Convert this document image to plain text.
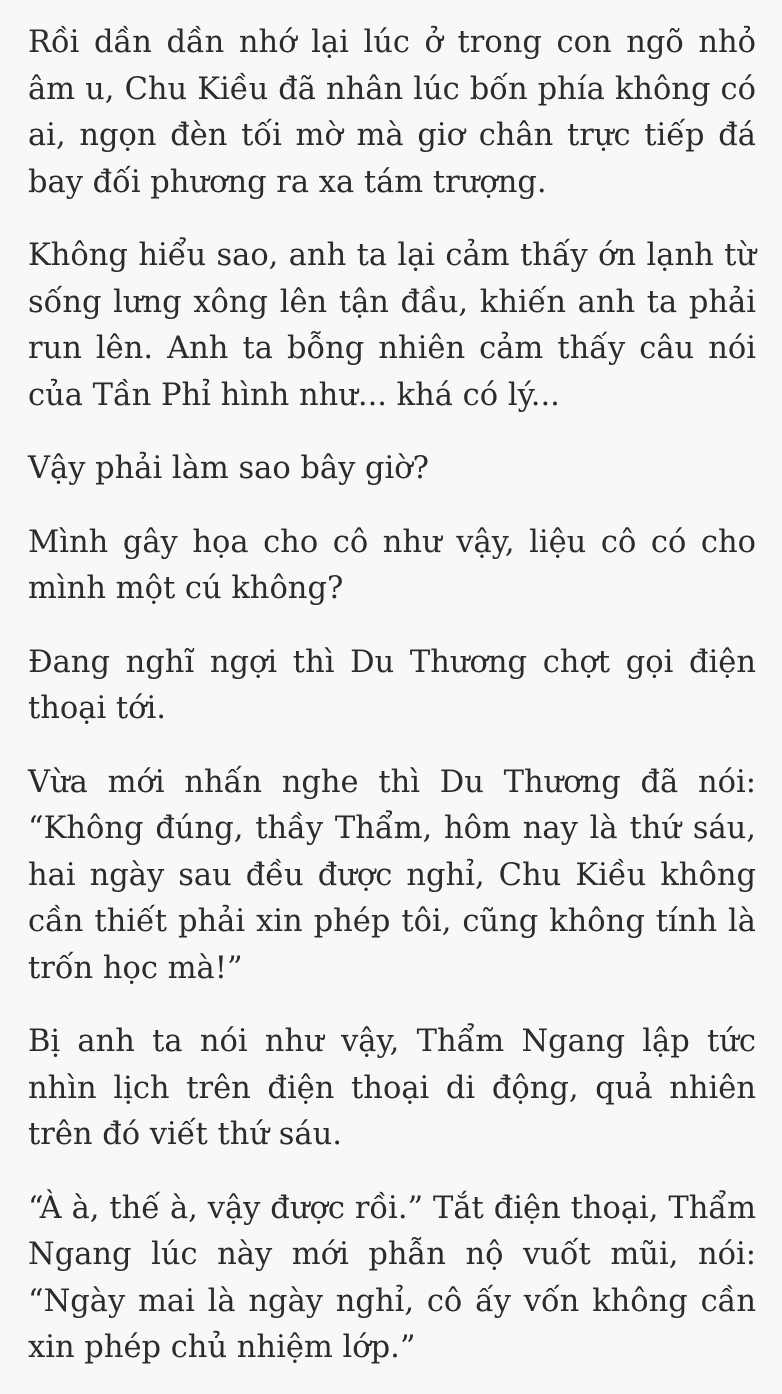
Rồi dần dần nhớ lại lúc ở trong con ngõ nhỏ âm u, Chu Kiều đã nhân lúc bốn phía không có ai, ngọn đèn tối mờ mà giơ chân trực tiếp đá bay đối phương ra xa tám trượng.

Không hiểu sao, anh ta lại cảm thấy ớn lạnh từ sống lưng xông lên tận đầu, khiến anh ta phải run lên. Anh ta bỗng nhiên cảm thấy câu nói của Tần Phỉ hình như... khá có lý...

Vậy phải làm sao bây giờ?

Mình gây họa cho cô như vậy, liệu cô có cho mình một cú không?

Đang nghĩ ngợi thì Du Thương chợt gọi điện thoại tới.

Vừa mới nhấn nghe thì Du Thương đã nói: “Không đúng, thầy Thẩm, hôm nay là thứ sáu, hai ngày sau đều được nghỉ, Chu Kiều không cần thiết phải xin phép tôi, cũng không tính là trốn học mà!”

Bị anh ta nói như vậy, Thẩm Ngang lập tức nhìn lịch trên điện thoại di động, quả nhiên trên đó viết thứ sáu.

“À à, thế à, vậy được rồi.” Tắt điện thoại, Thẩm Ngang lúc này mới phẫn nộ vuốt mũi, nói: “Ngày mai là ngày nghỉ, cô ấy vốn không cần xin phép chủ nhiệm lớp.”
